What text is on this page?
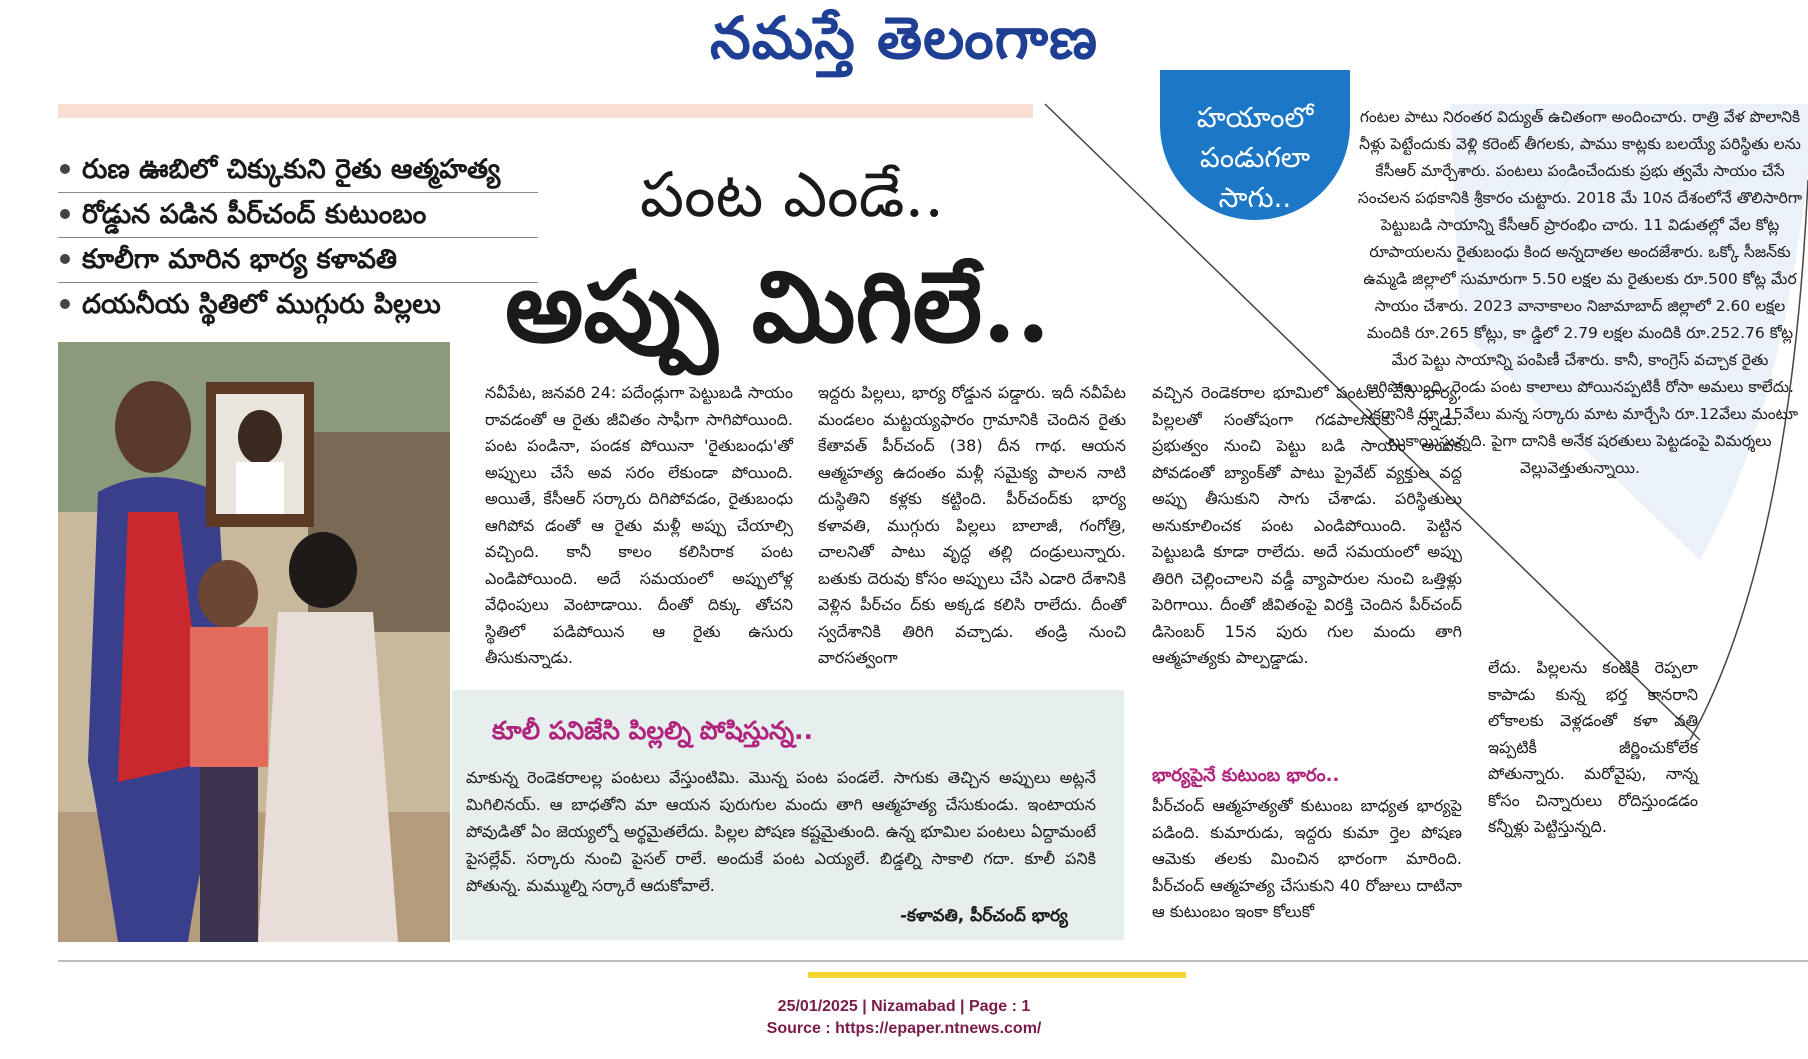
నమస్తే తెలంగాణ
రుణ ఊబిలో చిక్కుకుని రైతు ఆత్మహత్య
రోడ్డున పడిన పీర్‌చంద్ కుటుంబం
కూలీగా మారిన భార్య కళావతి
దయనీయ స్థితిలో ముగ్గురు పిల్లలు
పంట ఎండే..
అప్పు మిగిలే..
హయాంలో
పండుగలా
సాగు..
గంటల పాటు నిరంతర విద్యుత్ ఉచితంగా అందించారు. రాత్రి వేళ పొలానికి నీళ్లు పెట్టేందుకు వెళ్లి కరెంట్ తీగలకు, పాము కాట్లకు బలయ్యే పరిస్థితు లను కేసీఆర్ మార్చేశారు. పంటలు పండించేందుకు ప్రభు త్వమే సాయం చేసే సంచలన పథకానికి శ్రీకారం చుట్టారు. 2018 మే 10న దేశంలోనే తొలిసారిగా పెట్టుబడి సాయాన్ని కేసీఆర్ ప్రారంభిం చారు. 11 విడుతల్లో వేల కోట్ల రూపాయలను రైతుబంధు కింద అన్నదాతల అందజేశారు. ఒక్కో సీజన్‌కు ఉమ్మడి జిల్లాలో సుమారుగా 5.50 లక్షల మ రైతులకు రూ.500 కోట్ల మేర సాయం చేశారు. 2023 వానాకాలం నిజామాబాద్ జిల్లాలో 2.60 లక్షల మందికి రూ.265 కోట్లు, కా డ్డిలో 2.79 లక్షల మందికి రూ.252.76 కోట్ల మేర పెట్టు సాయాన్ని పంపిణీ చేశారు. కానీ, కాంగ్రెస్ వచ్చాక రైతు ఆగిపోయింది. రెండు పంట కాలాలు పోయినప్పటికీ రోసా అమలు కాలేదు. ఎకరానికి రూ.15వేలు మన్న సర్కారు మాట మార్చేసి రూ.12వేలు మంటూ బుకాయిస్తున్నది. పైగా దానికి అనేక షరతులు పెట్టడంపై విమర్శలు వెల్లువెత్తుతున్నాయి.
నవీపేట, జనవరి 24: పదేండ్లుగా పెట్టుబడి సాయం రావడంతో ఆ రైతు జీవితం సాఫీగా సాగిపోయింది. పంట పండినా, పండక పోయినా 'రైతుబంధు'తో అప్పులు చేసే అవ సరం లేకుండా పోయింది. అయితే, కేసీఆర్ సర్కారు దిగిపోవడం, రైతుబంధు ఆగిపోవ డంతో ఆ రైతు మళ్లీ అప్పు చేయాల్సి వచ్చింది. కానీ కాలం కలిసిరాక పంట ఎండిపోయింది. అదే సమయంలో అప్పులోళ్ల వేధింపులు వెంటాడాయి. దీంతో దిక్కు తోచని స్థితిలో పడిపోయిన ఆ రైతు ఉసురు తీసుకున్నాడు.
ఇద్దరు పిల్లలు, భార్య రోడ్డున పడ్డారు. ఇదీ నవీపేట మండలం మట్టయ్యఫారం గ్రామానికి చెందిన రైతు కేతావత్ పీర్‌చంద్ (38) దీన గాథ. ఆయన ఆత్మహత్య ఉదంతం మళ్లీ సమైక్య పాలన నాటి దుస్థితిని కళ్లకు కట్టింది. పీర్‌చంద్‌కు భార్య కళావతి, ముగ్గురు పిల్లలు బాలాజీ, గంగోత్రి, చాలనితో పాటు వృద్ధ తల్లి దండ్రులున్నారు. బతుకు దెరువు కోసం అప్పులు చేసి ఎడారి దేశానికి వెళ్లిన పీర్‌చం ద్‌కు అక్కడ కలిసి రాలేదు. దీంతో స్వదేశానికి తిరిగి వచ్చాడు. తండ్రి నుంచి వారసత్వంగా
కూలీ పనిజేసి పిల్లల్ని పోషిస్తున్న..
మాకున్న రెండెకరాలల్ల పంటలు వేస్తుంటిమి. మొన్న పంట పండలే. సాగుకు తెచ్చిన అప్పులు అట్లనే మిగిలినయ్. ఆ బాధతోని మా ఆయన పురుగుల మందు తాగి ఆత్మహత్య చేసుకుండు. ఇంటాయన పోవుడితో ఏం జెయ్యల్నో అర్థమైతలేదు. పిల్లల పోషణ కష్టమైతుంది. ఉన్న భూమిల పంటలు ఏద్దామంటే పైసల్లేవ్. సర్కారు నుంచి పైసల్ రాలే. అందుకే పంట ఎయ్యలే. బిడ్డల్ని సాకాలి గదా. కూలీ పనికి పోతున్న. మమ్ముల్ని సర్కారే ఆదుకోవాలే.
-కళావతి, పీర్‌చంద్ భార్య
వచ్చిన రెండెకరాల భూమిలో పంటలు వేసి భార్య, పిల్లలతో సంతోషంగా గడపాలనుకు న్నాడు. ప్రభుత్వం నుంచి పెట్టు బడి సాయం అందక పోవడంతో బ్యాంక్‌తో పాటు ప్రైవేట్ వ్యక్తుల వద్ద అప్పు తీసుకుని సాగు చేశాడు. పరిస్థితులు అనుకూలించక పంట ఎండిపోయింది. పెట్టిన పెట్టుబడి కూడా రాలేదు. అదే సమయంలో అప్పు తిరిగి చెల్లించాలని వడ్డీ వ్యాపారుల నుంచి ఒత్తిళ్లు పెరిగాయి. దీంతో జీవితంపై విరక్తి చెందిన పీర్‌చంద్ డిసెంబర్ 15న పురు గుల మందు తాగి ఆత్మహత్యకు పాల్పడ్డాడు.
భార్యపైనే కుటుంబ భారం..
పీర్‌చంద్ ఆత్మహత్యతో కుటుంబ బాధ్యత భార్యపై పడింది. కుమారుడు, ఇద్దరు కుమా ర్తెల పోషణ ఆమెకు తలకు మించిన భారంగా మారింది. పీర్‌చంద్ ఆత్మహత్య చేసుకుని 40 రోజులు దాటినా ఆ కుటుంబం ఇంకా కోలుకో
లేదు. పిల్లలను కంటికి రెప్పలా కాపాడు కున్న భర్త కానరాని లోకాలకు వెళ్లడంతో కళా వతి ఇప్పటికీ జీర్ణించుకోలేక పోతున్నారు. మరోవైపు, నాన్న కోసం చిన్నారులు రోదిస్తుండడం కన్నీళ్లు పెట్టిస్తున్నది.
25/01/2025 | Nizamabad | Page : 1
Source : https://epaper.ntnews.com/
